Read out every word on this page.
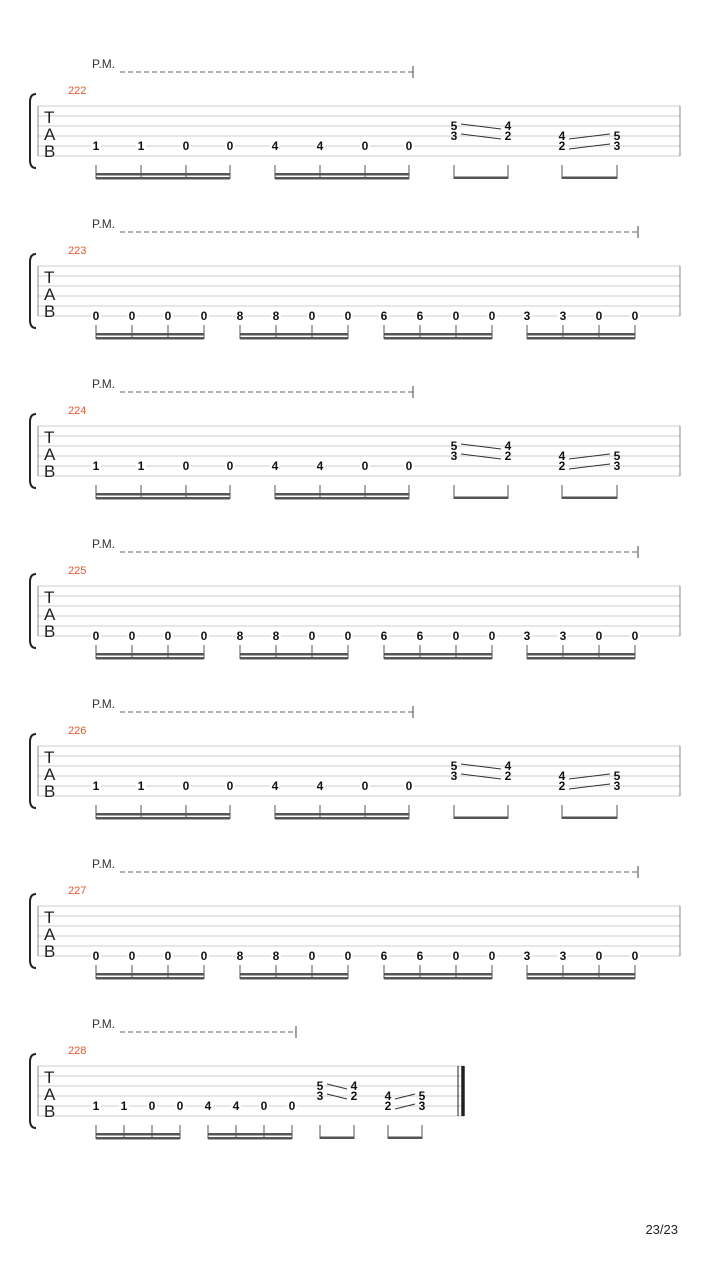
P.M.
222
T
A
B	1	1	0	0	4	4	0	0
5
3
4
2	4
2
5
3
P.M.
223
T
A
B	0 0 0 0 8 8 0 0 6 6 0 0 3 3 0 0
P.M.
224
T
A
B	1	1	0	0	4	4	0	0
5
3
4
2	4
2
5
3
P.M.
225
T
A
B	0 0 0 0 8 8 0 0 6 6 0 0 3 3 0 0
P.M.
226
T
A
B	1	1	0	0	4	4	0	0
5
3
4
2	4
2
5
3
P.M.
227
T
A
B	0 0 0 0 8 8 0 0 6 6 0 0 3 3 0 0
P.M.
228
T
A
B	1 1 0 0 4 4 0 0
5
3
4
2 4
2
5
3
23/23
